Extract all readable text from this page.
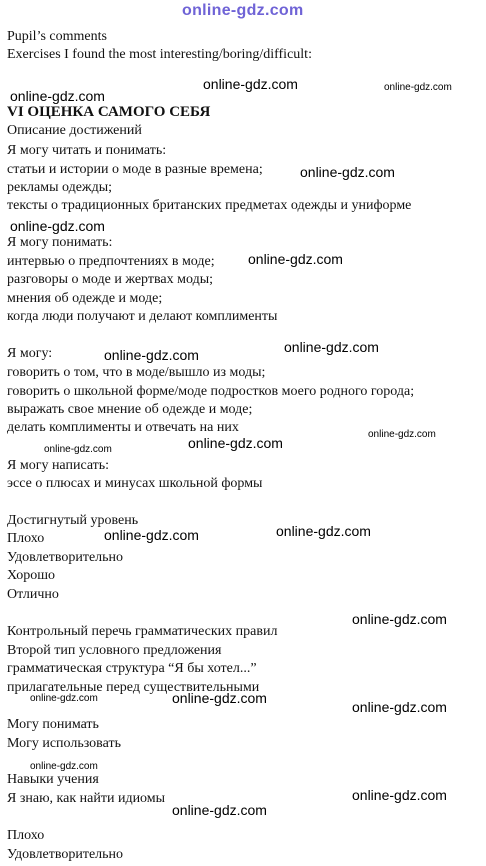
Pupil’s comments
Exercises I found the most interesting/boring/difficult:
VI ОЦЕНКА САМОГО СЕБЯ
Описание достижений
Я могу читать и понимать:
статьи и истории о моде в разные времена;
рекламы одежды;
тексты о традиционных британских предметах одежды и униформе
Я могу понимать:
интервью о предпочтениях в моде;
разговоры о моде и жертвах моды;
мнения об одежде и моде;
когда люди получают и делают комплименты
Я могу:
говорить о том, что в моде/вышло из моды;
говорить о школьной форме/моде подростков моего родного города;
выражать свое мнение об одежде и моде;
делать комплименты и отвечать на них
Я могу написать:
эссе о плюсах и минусах школьной формы
Достигнутый уровень
Плохо
Удовлетворительно
Хорошо
Отлично
Контрольный перечь грамматических правил
Второй тип условного предложения
грамматическая структура “Я бы хотел...”
прилагательные перед существительными
Могу понимать
Могу использовать
Навыки учения
Я знаю, как найти идиомы
Плохо
Удовлетворительно
online-gdz.com
online-gdz.com	online-gdz.com
online-gdz.com
online-gdz.com
online-gdz.com
online-gdz.com
online-gdz.com
online-gdz.com
online-gdz.com
online-gdz.com
online-gdz.com
online-gdz.com
online-gdz.com
online-gdz.com
online-gdz.com	online-gdz.com
online-gdz.com
online-gdz.com
online-gdz.com
online-gdz.com
